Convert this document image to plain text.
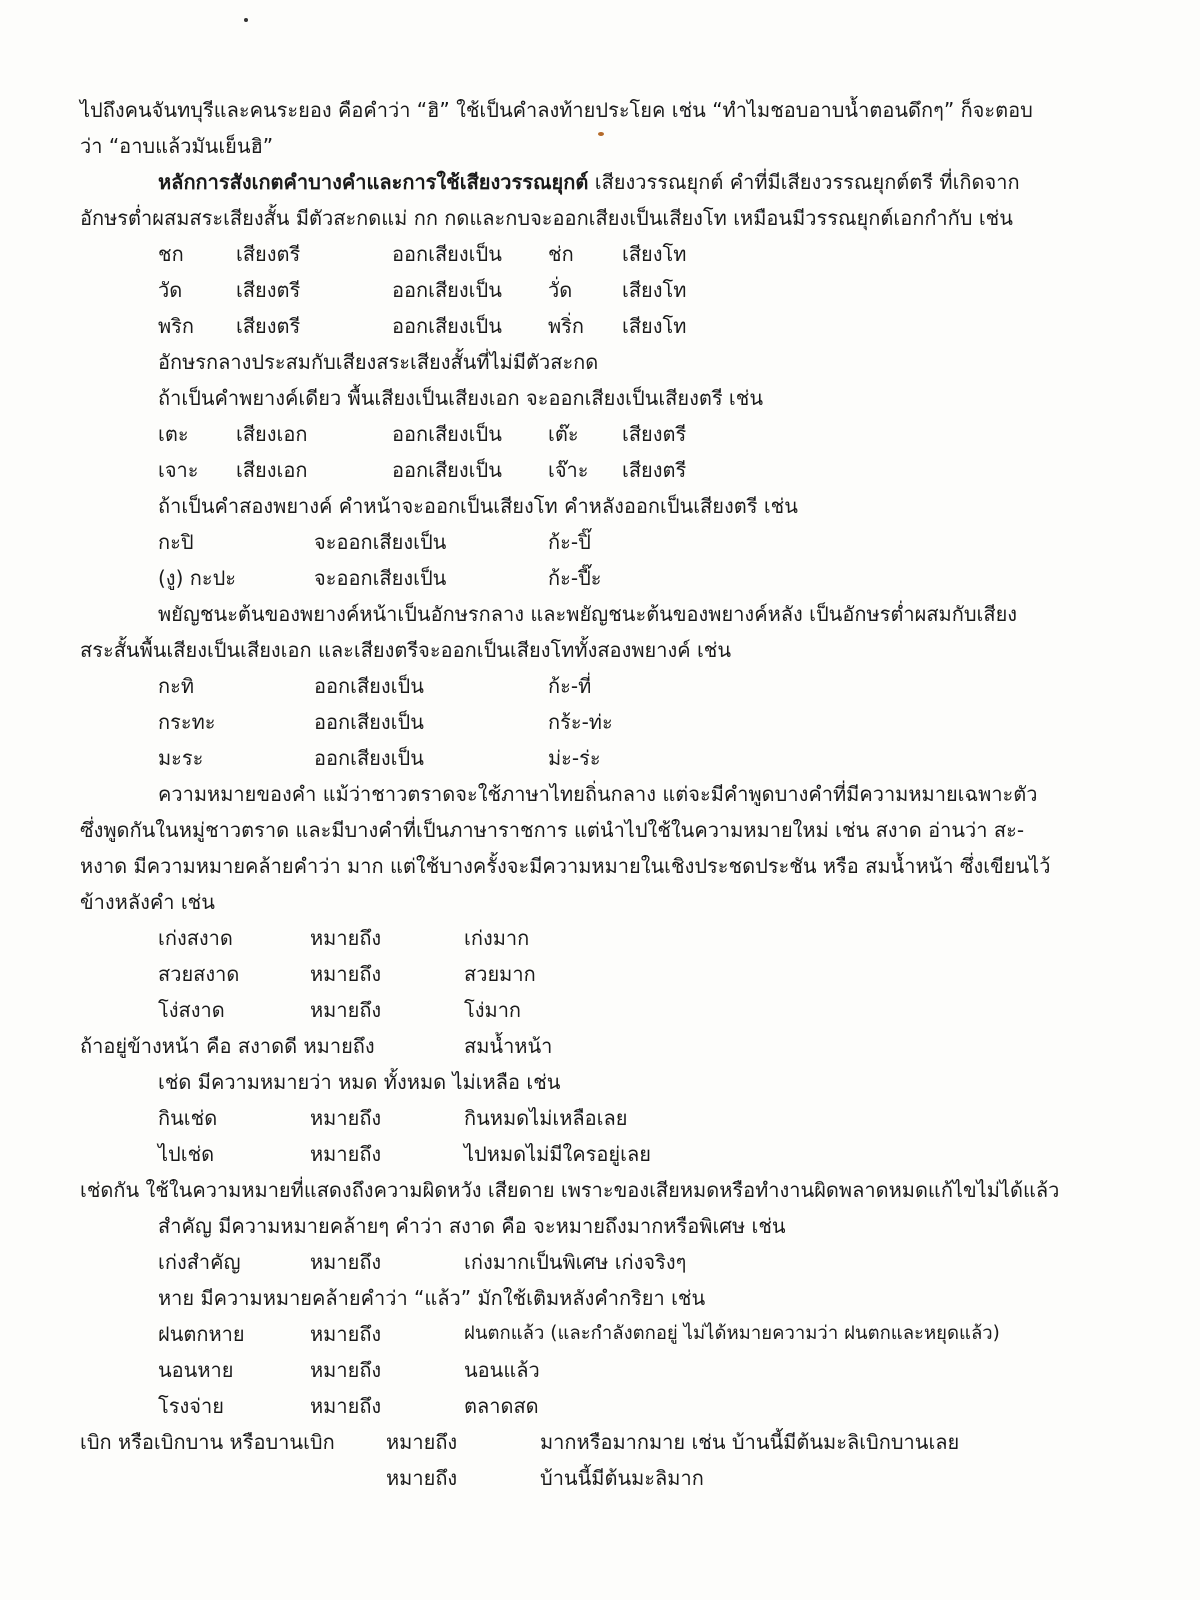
ไปถึงคนจันทบุรีและคนระยอง คือคำว่า “ฮิ” ใช้เป็นคำลงท้ายประโยค เช่น “ทำไมชอบอาบน้ำตอนดึกๆ” ก็จะตอบ
ว่า “อาบแล้วมันเย็นฮิ”
หลักการสังเกตคำบางคำและการใช้เสียงวรรณยุกต์ เสียงวรรณยุกต์ คำที่มีเสียงวรรณยุกต์ตรี ที่เกิดจาก
อักษรต่ำผสมสระเสียงสั้น มีตัวสะกดแม่ กก กดและกบจะออกเสียงเป็นเสียงโท เหมือนมีวรรณยุกต์เอกกำกับ เช่น
ชก	เสียงตรี	ออกเสียงเป็น ช่ก เสียงโท
วัด	เสียงตรี	ออกเสียงเป็น วั่ด เสียงโท
พริก เสียงตรี	ออกเสียงเป็น พริ่ก เสียงโท
อักษรกลางประสมกับเสียงสระเสียงสั้นที่ไม่มีตัวสะกด
ถ้าเป็นคำพยางค์เดียว พื้นเสียงเป็นเสียงเอก จะออกเสียงเป็นเสียงตรี เช่น
เตะ เสียงเอก	ออกเสียงเป็น เต๊ะ เสียงตรี
เจาะ เสียงเอก	ออกเสียงเป็น เจ๊าะ เสียงตรี
ถ้าเป็นคำสองพยางค์ คำหน้าจะออกเป็นเสียงโท คำหลังออกเป็นเสียงตรี เช่น
กะปิ	จะออกเสียงเป็น	ก้ะ-ปิ๊
(งู) กะปะ	จะออกเสียงเป็น	ก้ะ-ปี๊ะ
พยัญชนะต้นของพยางค์หน้าเป็นอักษรกลาง และพยัญชนะต้นของพยางค์หลัง เป็นอักษรต่ำผสมกับเสียง
สระสั้นพื้นเสียงเป็นเสียงเอก และเสียงตรีจะออกเป็นเสียงโททั้งสองพยางค์ เช่น
กะทิ	ออกเสียงเป็น	ก้ะ-ที่
กระทะ	ออกเสียงเป็น	กร้ะ-ท่ะ
มะระ	ออกเสียงเป็น	ม่ะ-ร่ะ
ความหมายของคำ แม้ว่าชาวตราดจะใช้ภาษาไทยถิ่นกลาง แต่จะมีคำพูดบางคำที่มีความหมายเฉพาะตัว
ซึ่งพูดกันในหมู่ชาวตราด และมีบางคำที่เป็นภาษาราชการ แต่นำไปใช้ในความหมายใหม่ เช่น สงาด อ่านว่า สะ-
หงาด มีความหมายคล้ายคำว่า มาก แต่ใช้บางครั้งจะมีความหมายในเชิงประชดประชัน หรือ สมน้ำหน้า ซึ่งเขียนไว้
ข้างหลังคำ เช่น
เก่งสงาด	หมายถึง	เก่งมาก
สวยสงาด	หมายถึง	สวยมาก
โง่สงาด	หมายถึง	โง่มาก
ถ้าอยู่ข้างหน้า คือ สงาดดี หมายถึง	สมน้ำหน้า
เช่ด มีความหมายว่า หมด ทั้งหมด ไม่เหลือ เช่น
กินเช่ด	หมายถึง	กินหมดไม่เหลือเลย
ไปเช่ด	หมายถึง	ไปหมดไม่มีใครอยู่เลย
เช่ดกัน ใช้ในความหมายที่แสดงถึงความผิดหวัง เสียดาย เพราะของเสียหมดหรือทำงานผิดพลาดหมดแก้ไขไม่ได้แล้ว
สำคัญ มีความหมายคล้ายๆ คำว่า สงาด คือ จะหมายถึงมากหรือพิเศษ เช่น
เก่งสำคัญ	หมายถึง	เก่งมากเป็นพิเศษ เก่งจริงๆ
หาย มีความหมายคล้ายคำว่า “แล้ว” มักใช้เติมหลังคำกริยา เช่น
ฝนตกหาย	หมายถึง	ฝนตกแล้ว (และกำลังตกอยู่ ไม่ได้หมายความว่า ฝนตกและหยุดแล้ว)
นอนหาย	หมายถึง	นอนแล้ว
โรงจ่าย	หมายถึง	ตลาดสด
เบิก หรือเบิกบาน หรือบานเบิก	หมายถึง	มากหรือมากมาย เช่น บ้านนี้มีต้นมะลิเบิกบานเลย
หมายถึง	บ้านนี้มีต้นมะลิมาก
